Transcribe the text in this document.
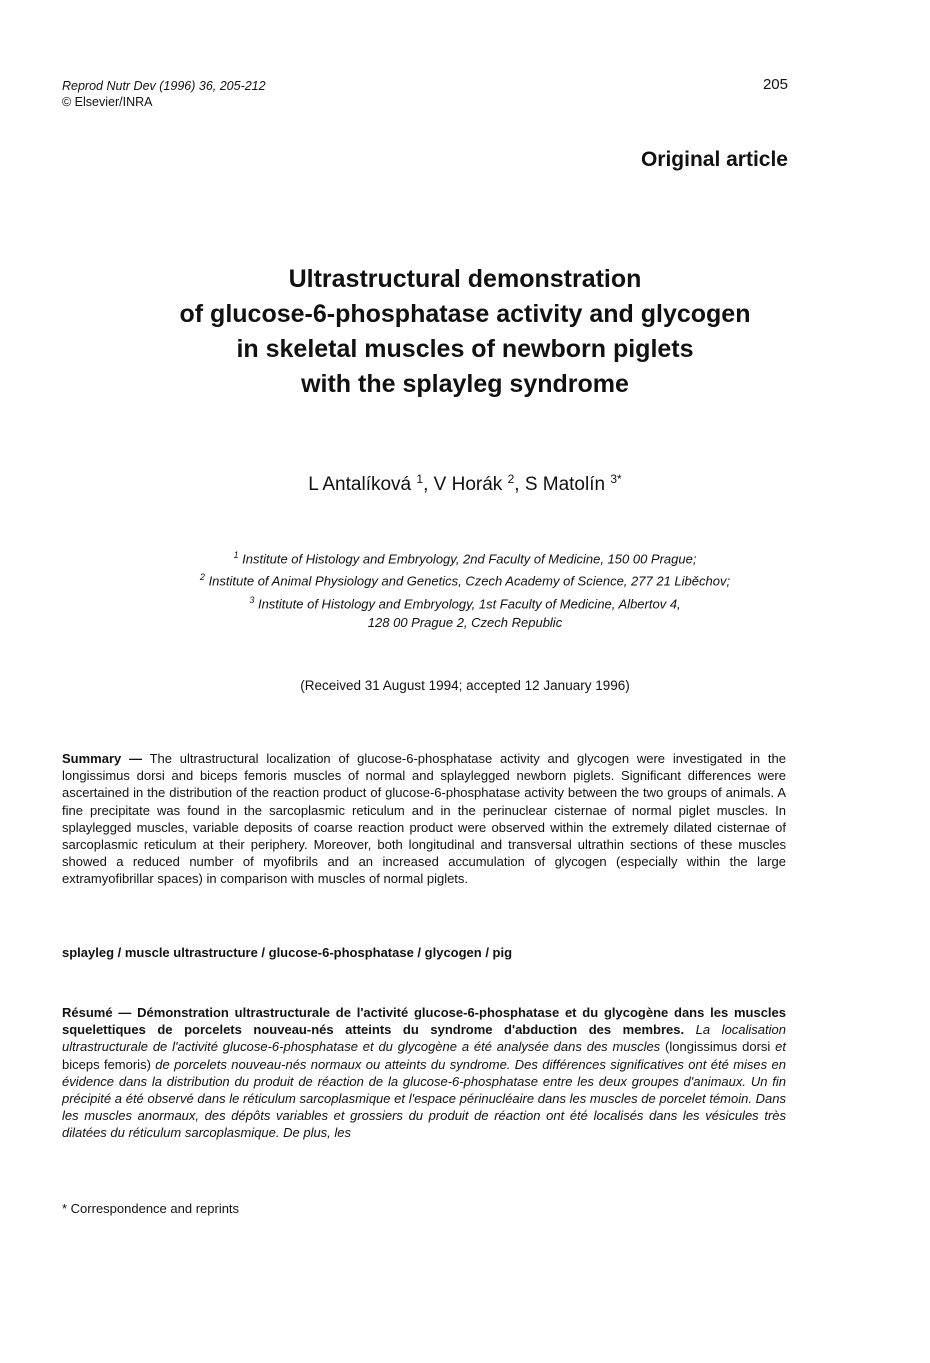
Reprod Nutr Dev (1996) 36, 205-212
© Elsevier/INRA
205
Original article
Ultrastructural demonstration
of glucose-6-phosphatase activity and glycogen
in skeletal muscles of newborn piglets
with the splayleg syndrome
L Antalíková $^1$, V Horák $^2$, S Matolín $^{3*}$
$^1$ Institute of Histology and Embryology, 2nd Faculty of Medicine, 150 00 Prague;
$^2$ Institute of Animal Physiology and Genetics, Czech Academy of Science, 277 21 Liběchov;
$^3$ Institute of Histology and Embryology, 1st Faculty of Medicine, Albertov 4,
128 00 Prague 2, Czech Republic
(Received 31 August 1994; accepted 12 January 1996)
Summary — The ultrastructural localization of glucose-6-phosphatase activity and glycogen were investigated in the longissimus dorsi and biceps femoris muscles of normal and splaylegged newborn piglets. Significant differences were ascertained in the distribution of the reaction product of glucose-6-phosphatase activity between the two groups of animals. A fine precipitate was found in the sarcoplasmic reticulum and in the perinuclear cisternae of normal piglet muscles. In splaylegged muscles, variable deposits of coarse reaction product were observed within the extremely dilated cisternae of sarcoplasmic reticulum at their periphery. Moreover, both longitudinal and transversal ultrathin sections of these muscles showed a reduced number of myofibrils and an increased accumulation of glycogen (especially within the large extramyofibrillar spaces) in comparison with muscles of normal piglets.
splayleg / muscle ultrastructure / glucose-6-phosphatase / glycogen / pig
Résumé — Démonstration ultrastructurale de l'activité glucose-6-phosphatase et du glycogène dans les muscles squelettiques de porcelets nouveau-nés atteints du syndrome d'abduction des membres. La localisation ultrastructurale de l'activité glucose-6-phosphatase et du glycogène a été analysée dans des muscles (longissimus dorsi et biceps femoris) de porcelets nouveau-nés normaux ou atteints du syndrome. Des différences significatives ont été mises en évidence dans la distribution du produit de réaction de la glucose-6-phosphatase entre les deux groupes d'animaux. Un fin précipité a été observé dans le réticulum sarcoplasmique et l'espace périnucléaire dans les muscles de porcelet témoin. Dans les muscles anormaux, des dépôts variables et grossiers du produit de réaction ont été localisés dans les vésicules très dilatées du réticulum sarcoplasmique. De plus, les
* Correspondence and reprints
